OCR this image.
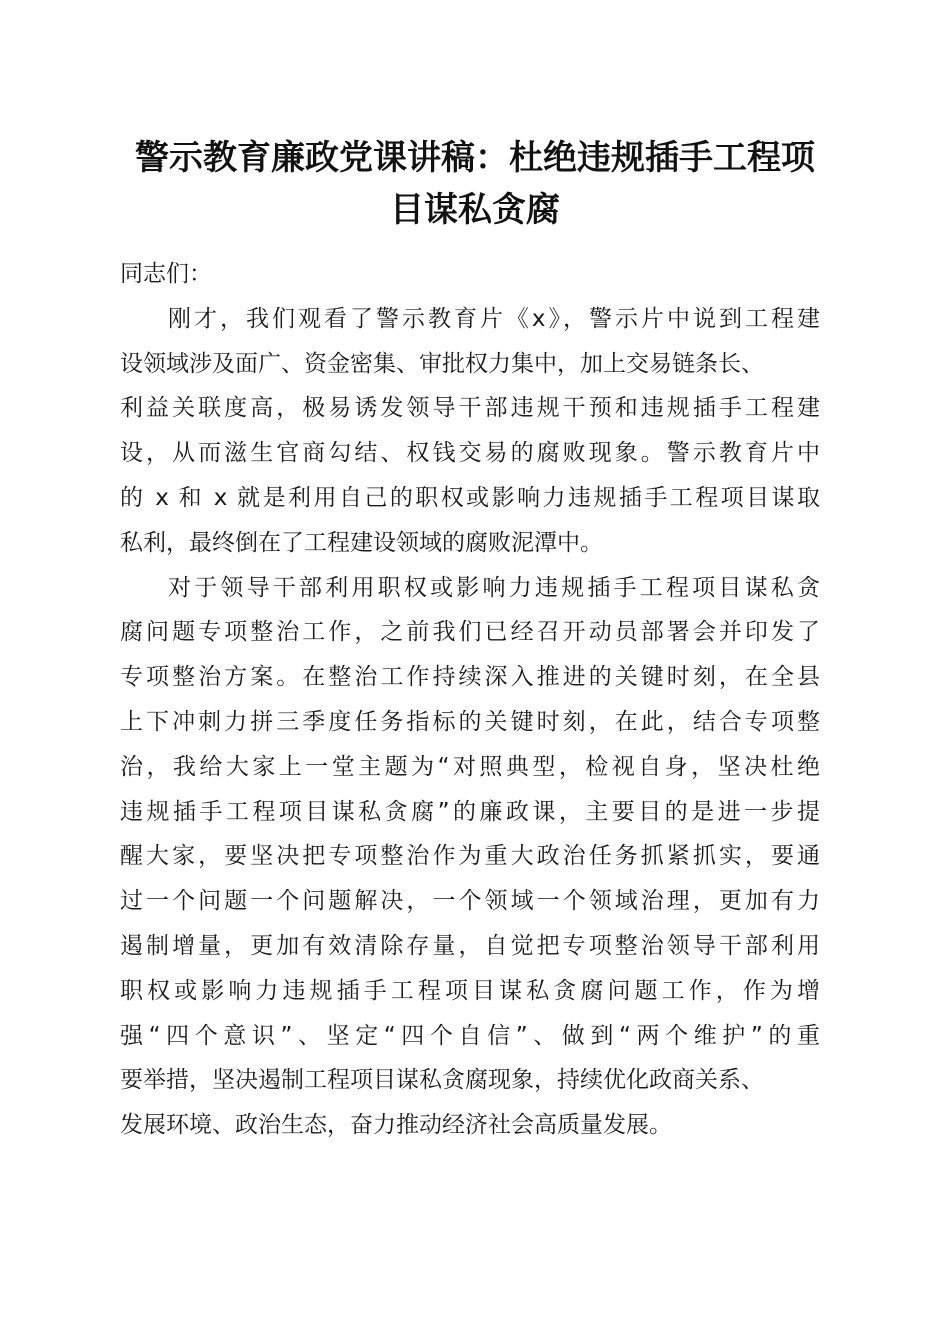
警示教育廉政党课讲稿：杜绝违规插手工程项
目谋私贪腐
同志们：
刚才，我们观看了警示教育片《x》，警示片中说到工程建
设领域涉及面广、资金密集、审批权力集中，加上交易链条长、
利益关联度高，极易诱发领导干部违规干预和违规插手工程建
设，从而滋生官商勾结、权钱交易的腐败现象。警示教育片中
的 x 和 x 就是利用自己的职权或影响力违规插手工程项目谋取
私利，最终倒在了工程建设领域的腐败泥潭中。
对于领导干部利用职权或影响力违规插手工程项目谋私贪
腐问题专项整治工作，之前我们已经召开动员部署会并印发了
专项整治方案。在整治工作持续深入推进的关键时刻，在全县
上下冲刺力拼三季度任务指标的关键时刻，在此，结合专项整
治，我给大家上一堂主题为“对照典型，检视自身，坚决杜绝
违规插手工程项目谋私贪腐”的廉政课，主要目的是进一步提
醒大家，要坚决把专项整治作为重大政治任务抓紧抓实，要通
过一个问题一个问题解决，一个领域一个领域治理，更加有力
遏制增量，更加有效清除存量，自觉把专项整治领导干部利用
职权或影响力违规插手工程项目谋私贪腐问题工作，作为增
强“四个意识”、坚定“四个自信”、做到“两个维护”的重
要举措，坚决遏制工程项目谋私贪腐现象，持续优化政商关系、
发展环境、政治生态，奋力推动经济社会高质量发展。
